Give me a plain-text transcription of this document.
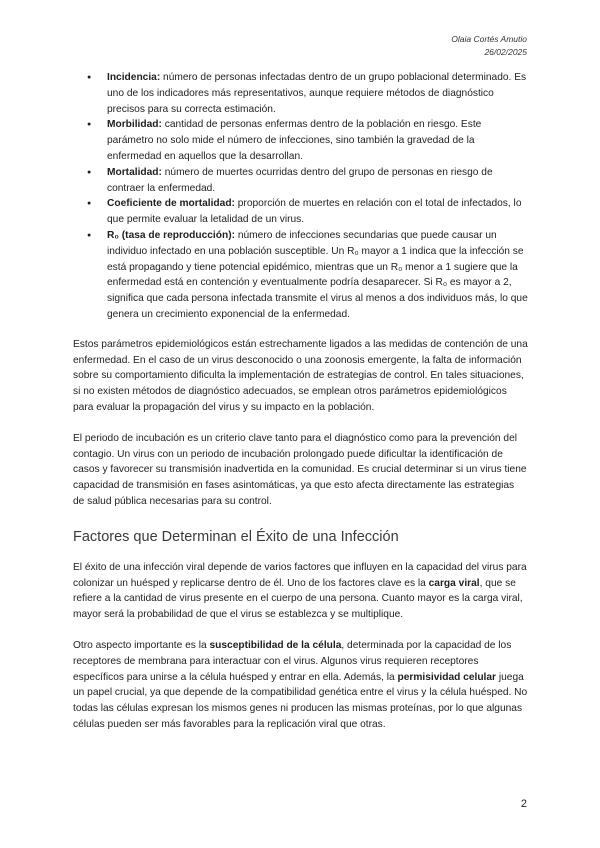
Olaia Cortés Amutio
26/02/2025
● Incidencia: número de personas infectadas dentro de un grupo poblacional determinado. Es uno de los indicadores más representativos, aunque requiere métodos de diagnóstico precisos para su correcta estimación.
● Morbilidad: cantidad de personas enfermas dentro de la población en riesgo. Este parámetro no solo mide el número de infecciones, sino también la gravedad de la enfermedad en aquellos que la desarrollan.
● Mortalidad: número de muertes ocurridas dentro del grupo de personas en riesgo de contraer la enfermedad.
● Coeficiente de mortalidad: proporción de muertes en relación con el total de infectados, lo que permite evaluar la letalidad de un virus.
● R₀ (tasa de reproducción): número de infecciones secundarias que puede causar un individuo infectado en una población susceptible. Un R₀ mayor a 1 indica que la infección se está propagando y tiene potencial epidémico, mientras que un R₀ menor a 1 sugiere que la enfermedad está en contención y eventualmente podría desaparecer. Si R₀ es mayor a 2, significa que cada persona infectada transmite el virus al menos a dos individuos más, lo que genera un crecimiento exponencial de la enfermedad.

Estos parámetros epidemiológicos están estrechamente ligados a las medidas de contención de una enfermedad. En el caso de un virus desconocido o una zoonosis emergente, la falta de información sobre su comportamiento dificulta la implementación de estrategias de control. En tales situaciones, si no existen métodos de diagnóstico adecuados, se emplean otros parámetros epidemiológicos para evaluar la propagación del virus y su impacto en la población.

El periodo de incubación es un criterio clave tanto para el diagnóstico como para la prevención del contagio. Un virus con un periodo de incubación prolongado puede dificultar la identificación de casos y favorecer su transmisión inadvertida en la comunidad. Es crucial determinar si un virus tiene capacidad de transmisión en fases asintomáticas, ya que esto afecta directamente las estrategias de salud pública necesarias para su control.

Factores que Determinan el Éxito de una Infección

El éxito de una infección viral depende de varios factores que influyen en la capacidad del virus para colonizar un huésped y replicarse dentro de él. Uno de los factores clave es la carga viral, que se refiere a la cantidad de virus presente en el cuerpo de una persona. Cuanto mayor es la carga viral, mayor será la probabilidad de que el virus se establezca y se multiplique.

Otro aspecto importante es la susceptibilidad de la célula, determinada por la capacidad de los receptores de membrana para interactuar con el virus. Algunos virus requieren receptores específicos para unirse a la célula huésped y entrar en ella. Además, la permisividad celular juega un papel crucial, ya que depende de la compatibilidad genética entre el virus y la célula huésped. No todas las células expresan los mismos genes ni producen las mismas proteínas, por lo que algunas células pueden ser más favorables para la replicación viral que otras.

2
